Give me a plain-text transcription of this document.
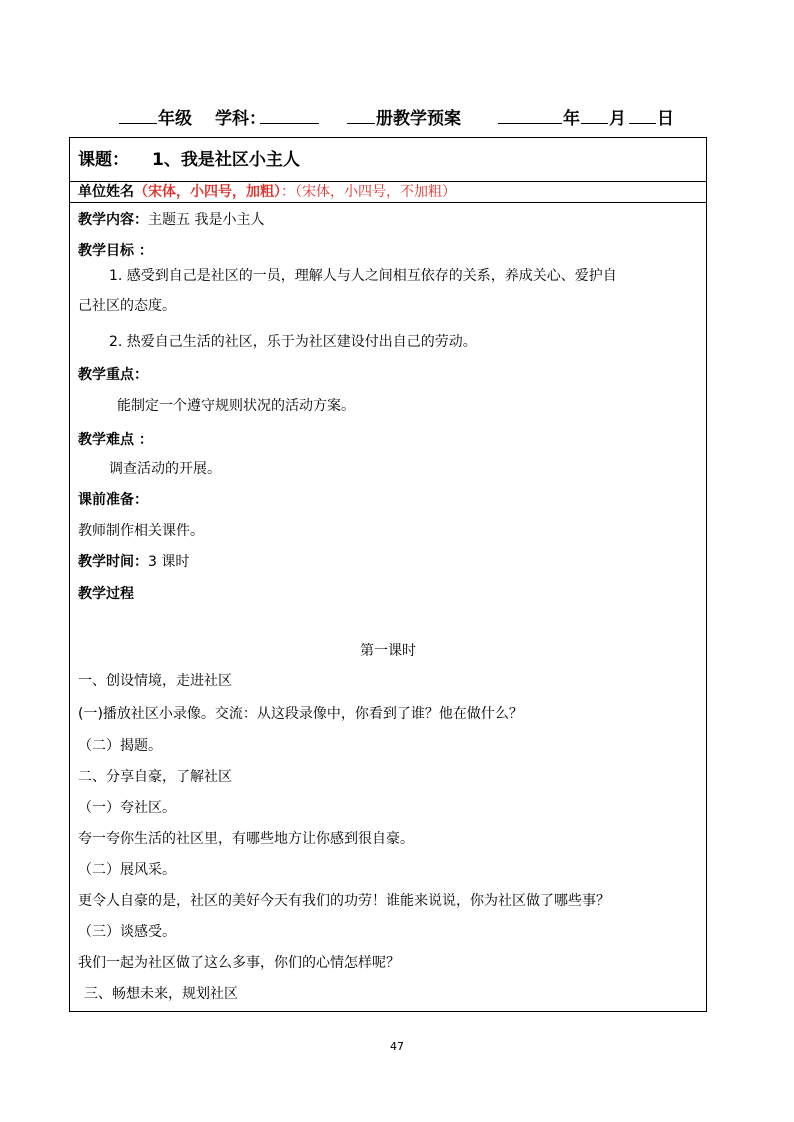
年级 学科：	册教学预案	年 月 日
课题： 1、我是社区小主人
单位姓名（宋体，小四号，加粗）：（宋体，小四号，不加粗）
教学内容：主题五 我是小主人
教学目标 ：
1. 感受到自己是社区的一员，理解人与人之间相互依存的关系，养成关心、爱护自
己社区的态度。
2. 热爱自己生活的社区，乐于为社区建设付出自己的劳动。
教学重点：
能制定一个遵守规则状况的活动方案。
教学难点 ：
调查活动的开展。
课前准备：
教师制作相关课件。
教学时间：3 课时
教学过程
第一课时
一、创设情境，走进社区
(一)播放社区小录像。交流：从这段录像中，你看到了谁？他在做什么？
（二）揭题。
二、分享自豪，了解社区
（一）夸社区。
夸一夸你生活的社区里，有哪些地方让你感到很自豪。
（二）展风采。
更令人自豪的是，社区的美好今天有我们的功劳！谁能来说说，你为社区做了哪些事？
（三）谈感受。
我们一起为社区做了这么多事，你们的心情怎样呢？
三、畅想未来，规划社区
47
